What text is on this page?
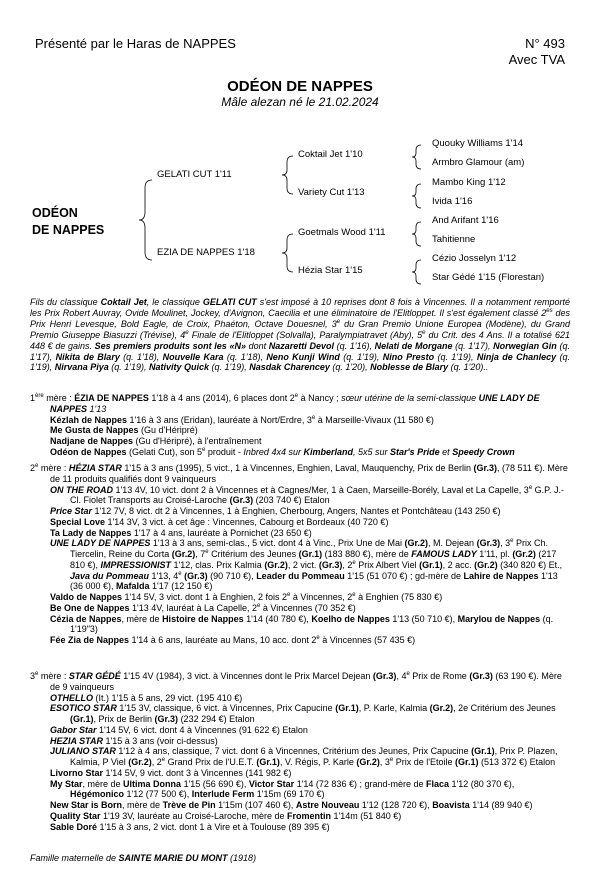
Présenté par le Haras de NAPPES	N° 493
Avec TVA
ODÉON DE NAPPES
Mâle alezan né le 21.02.2024
ODÉON
DE NAPPES
GELATI CUT 1'11
EZIA DE NAPPES 1'18
Coktail Jet 1'10
Variety Cut 1'13
Goetmals Wood 1'11
Hézia Star 1'15
Quouky Williams 1'14
Armbro Glamour (am)
Mambo King 1'12
Ivida 1'16
And Arifant 1'16
Tahitienne
Cézio Josselyn 1'12
Star Gédé 1'15 (Florestan)
Fils du classique Coktail Jet, le classique GELATI CUT s'est imposé à 10 reprises dont 8 fois à Vincennes. Il a notamment remporté les Prix Robert Auvray, Ovide Moulinet, Jockey, d'Avignon, Caecilia et une éliminatoire de l'Elitloppet. Il s'est également classé $2^{es}$ des Prix Henri Levesque, Bold Eagle, de Croix, Phaéton, Octave Douesnel, 3e du Gran Premio Unione Europea (Modène), du Grand Premio Giuseppe Biasuzzi (Trévise), 4e Finale de l'Elitloppet (Solvalla), Paralympiatravet (Aby), 5e du Crit. des 4 Ans. Il a totalisé 621 448 € de gains. Ses premiers produits sont les «N» dont Nazaretti Devol (q. 1'16), Nelati de Morgane (q. 1'17), Norwegian Gin (q. 1'17), Nikita de Blary (q. 1'18), Nouvelle Kara (q. 1'18), Neno Kunji Wind (q. 1'19), Nino Presto (q. 1'19), Ninja de Chanlecy (q. 1'19), Nirvana Piya (q. 1'19), Nativity Quick (q. 1'19), Nasdak Charencey (q. 1'20), Noblesse de Blary (q. 1'20)..

1ère mère : ÉZIA DE NAPPES 1'18 à 4 ans (2014), 6 places dont 2e à Nancy ; sœur utérine de la semi-classique UNE LADY DE NAPPES 1'13

Kézlah de Nappes 1'16 à 3 ans (Eridan), lauréate à Nort/Erdre, 3e à Marseille-Vivaux (11 580 €)

Me Gusta de Nappes (Gu d'Héripré)

Nadjane de Nappes (Gu d'Héripré), à l'entraînement

Odéon de Nappes (Gelati Cut), son 5e produit - Inbred 4x4 sur Kimberland, 5x5 sur Star's Pride et Speedy Crown

2e mère : HÉZIA STAR 1'15 à 3 ans (1995), 5 vict., 1 à Vincennes, Enghien, Laval, Mauquenchy, Prix de Berlin (Gr.3), (78 511 €). Mère de 11 produits qualifiés dont 9 vainqueurs

ON THE ROAD 1'13 4V, 10 vict. dont 2 à Vincennes et à Cagnes/Mer, 1 à Caen, Marseille-Borély, Laval et La Capelle, 3e G.P. J.-Cl. Fiolet Transports au Croisé-Laroche (Gr.3) (203 740 €) Etalon

Price Star 1'12 7V, 8 vict. dt 2 à Vincennes, 1 à Enghien, Cherbourg, Angers, Nantes et Pontchâteau (143 250 €)

Special Love 1'14 3V, 3 vict. à cet âge : Vincennes, Cabourg et Bordeaux (40 720 €)

Ta Lady de Nappes 1'17 à 4 ans, lauréate à Pornichet (23 650 €)

UNE LADY DE NAPPES 1'13 à 3 ans, semi-clas., 5 vict. dont 4 à Vinc., Prix Une de Mai (Gr.2), M. Dejean (Gr.3), 3e Prix Ch. Tiercelin, Reine du Corta (Gr.2), 7e Critérium des Jeunes (Gr.1) (183 880 €), mère de FAMOUS LADY 1'11, pl. (Gr.2) (217 810 €), IMPRESSIONIST 1'12, clas. Prix Kalmia (Gr.2), 2 vict. (Gr.3), 2e Prix Albert Viel (Gr.1), 2 acc. (Gr.2) (340 820 €) Et., Java du Pommeau 1'13, 4e (Gr.3) (90 710 €), Leader du Pommeau 1'15 (51 070 €) ; gd-mère de Lahire de Nappes 1'13 (36 000 €), Mafalda 1'17 (12 150 €)

Valdo de Nappes 1'14 5V, 3 vict. dont 1 à Enghien, 2 fois 2e à Vincennes, 2e à Enghien (75 830 €)

Be One de Nappes 1'13 4V, lauréat à La Capelle, 2e à Vincennes (70 352 €)

Cézia de Nappes, mère de Histoire de Nappes 1'14 (40 780 €), Koelho de Nappes 1'13 (50 710 €), Marylou de Nappes (q. 1'19"3)

Fée Zia de Nappes 1'14 à 6 ans, lauréate au Mans, 10 acc. dont 2e à Vincennes (57 435 €)

3e mère : STAR GÉDÉ 1'15 4V (1984), 3 vict. à Vincennes dont le Prix Marcel Dejean (Gr.3), 4e Prix de Rome (Gr.3) (63 190 €). Mère de 9 vainqueurs

OTHELLO (It.) 1'15 à 5 ans, 29 vict. (195 410 €)

ESOTICO STAR 1'15 3V, classique, 6 vict. à Vincennes, Prix Capucine (Gr.1), P. Karle, Kalmia (Gr.2), 2e Critérium des Jeunes (Gr.1), Prix de Berlin (Gr.3) (232 294 €) Etalon

Gabor Star 1'14 5V, 6 vict. dont 4 à Vincennes (91 622 €) Etalon

HEZIA STAR 1'15 à 3 ans (voir ci-dessus)

JULIANO STAR 1'12 à 4 ans, classique, 7 vict. dont 6 à Vincennes, Critérium des Jeunes, Prix Capucine (Gr.1), Prix P. Plazen, Kalmia, P Viel (Gr.2), 2e Grand Prix de l'U.E.T. (Gr.1), V. Régis, P. Karle (Gr.2), 3e Prix de l'Etoile (Gr.1) (513 372 €) Etalon

Livorno Star 1'14 5V, 9 vict. dont 3 à Vincennes (141 982 €)

My Star, mère de Ultima Donna 1'15 (56 690 €), Victor Star 1'14 (72 836 €) ; grand-mère de Flaca 1'12 (80 370 €), Hégémonico 1'12 (77 500 €), Interlude Ferm 1'15m (69 170 €)

New Star is Born, mère de Trève de Pin 1'15m (107 460 €), Astre Nouveau 1'12 (128 720 €), Boavista 1'14 (89 940 €)

Quality Star 1'19 3V, lauréate au Croisé-Laroche, mère de Fromentin 1'14m (51 840 €)

Sable Doré 1'15 à 3 ans, 2 vict. dont 1 à Vire et à Toulouse (89 395 €)

Famille maternelle de SAINTE MARIE DU MONT (1918)
